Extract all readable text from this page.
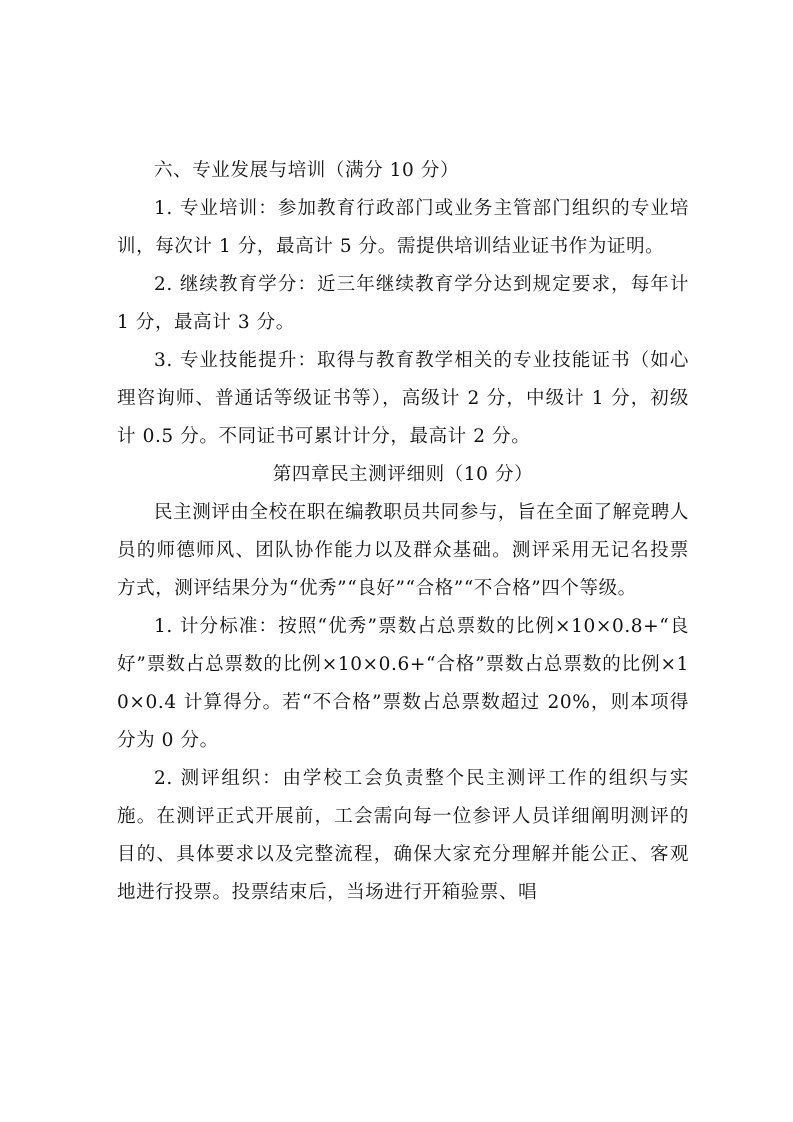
六、专业发展与培训（满分 10 分）

1. 专业培训：参加教育行政部门或业务主管部门组织的专业培训，每次计 1 分，最高计 5 分。需提供培训结业证书作为证明。

2. 继续教育学分：近三年继续教育学分达到规定要求，每年计 1 分，最高计 3 分。

3. 专业技能提升：取得与教育教学相关的专业技能证书（如心理咨询师、普通话等级证书等），高级计 2 分，中级计 1 分，初级计 0.5 分。不同证书可累计计分，最高计 2 分。

第四章民主测评细则（10 分）

民主测评由全校在职在编教职员共同参与，旨在全面了解竞聘人员的师德师风、团队协作能力以及群众基础。测评采用无记名投票方式，测评结果分为“优秀”“良好”“合格”“不合格”四个等级。

1. 计分标准：按照“优秀”票数占总票数的比例×10×0.8+“良好”票数占总票数的比例×10×0.6+“合格”票数占总票数的比例×10×0.4 计算得分。若“不合格”票数占总票数超过 20%，则本项得分为 0 分。

2. 测评组织：由学校工会负责整个民主测评工作的组织与实施。在测评正式开展前，工会需向每一位参评人员详细阐明测评的目的、具体要求以及完整流程，确保大家充分理解并能公正、客观地进行投票。投票结束后，当场进行开箱验票、唱
